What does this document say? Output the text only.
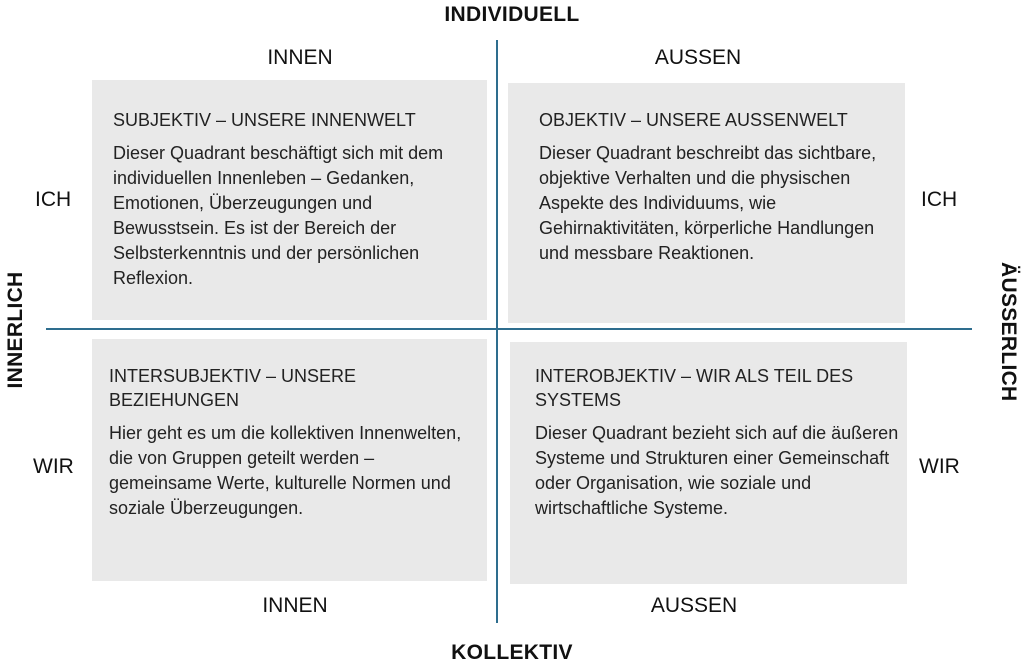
INDIVIDUELL
KOLLEKTIV
INNERLICH	ÄUSSERLICH
INNEN	AUSSEN
INNEN	AUSSEN
ICH	ICH
WIR	WIR
SUBJEKTIV – UNSERE INNENWELT
Dieser Quadrant beschäftigt sich mit dem individuellen Innenleben – Gedanken, Emotionen, Überzeugungen und Bewusstsein. Es ist der Bereich der Selbsterkenntnis und der persönlichen Reflexion.
OBJEKTIV – UNSERE AUSSENWELT
Dieser Quadrant beschreibt das sichtbare, objektive Verhalten und die physischen Aspekte des Individuums, wie Gehirnaktivitäten, körperliche Handlungen und messbare Reaktionen.
INTERSUBJEKTIV – UNSERE BEZIEHUNGEN
Hier geht es um die kollektiven Innenwelten, die von Gruppen geteilt werden – gemeinsame Werte, kulturelle Normen und soziale Überzeugungen.
INTEROBJEKTIV – WIR ALS TEIL DES SYSTEMS
Dieser Quadrant bezieht sich auf die äußeren Systeme und Strukturen einer Gemeinschaft oder Organisation, wie soziale und wirtschaftliche Systeme.
